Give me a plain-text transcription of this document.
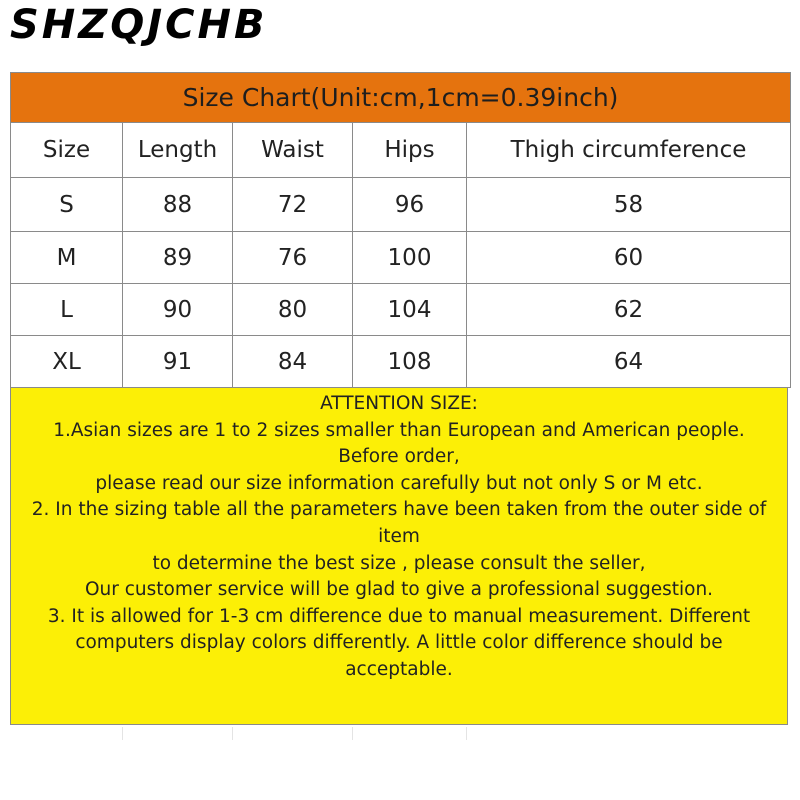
SHZQJCHB
Size Chart(Unit:cm,1cm=0.39inch)				
Size	Length	Waist	Hips	Thigh circumference
S	88	72	96	58
M	89	76	100	60
L	90	80	104	62
XL	91	84	108	64
ATTENTION SIZE:
1.Asian sizes are 1 to 2 sizes smaller than European and American people. Before order,
please read our size information carefully but not only S or M etc.
2. In the sizing table all the parameters have been taken from the outer side of item
to determine the best size , please consult the seller,
Our customer service will be glad to give a professional suggestion.
3. It is allowed for 1-3 cm difference due to manual measurement. Different
computers display colors differently. A little color difference should be acceptable.
